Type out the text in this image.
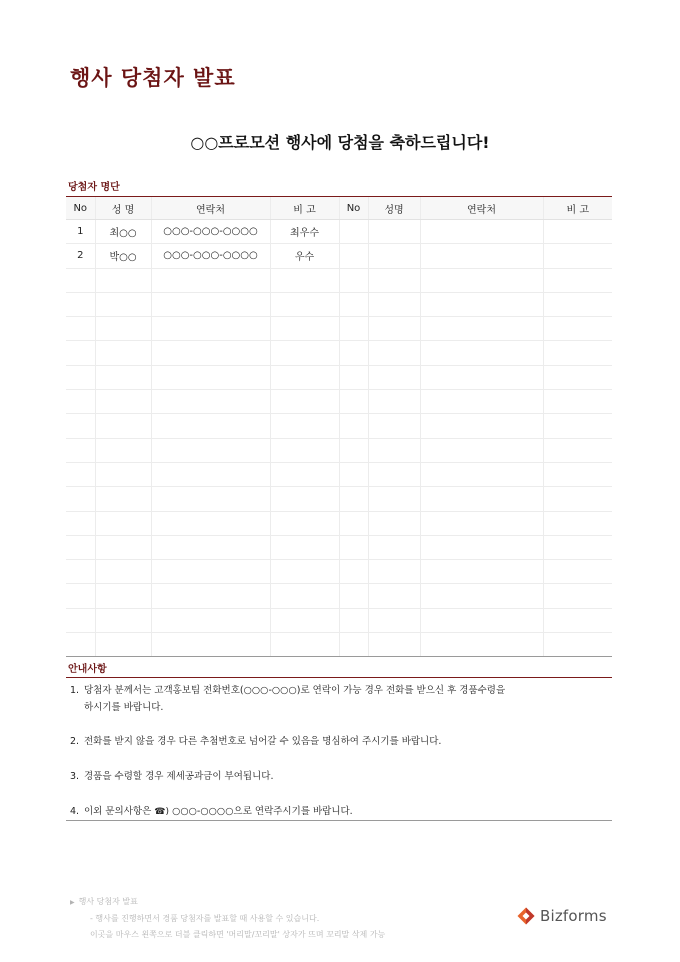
행사 당첨자 발표
○○프로모션 행사에 당첨을 축하드립니다!
당첨자 명단
No	성 명	연락처	비 고	No	성명	연락처	비 고
1	최○○	○○○-○○○-○○○○	최우수				
2	박○○	○○○-○○○-○○○○	우수				

안내사항
1. 당첨자 분께서는 고객홍보팀 전화번호(○○○-○○○)로 연락이 가능 경우 전화를 받으신 후 경품수령을
하시기를 바랍니다.
2. 전화를 받지 않을 경우 다른 추첨번호로 넘어갈 수 있음을 명심하여 주시기를 바랍니다.
3. 경품을 수령할 경우 제세공과금이 부여됩니다.
4. 이외 문의사항은 ☎) ○○○-○○○○으로 연락주시기를 바랍니다.
▶ 행사 당첨자 발표
- 행사를 진행하면서 경품 당첨자를 발표할 때 사용할 수 있습니다.
이곳을 마우스 왼쪽으로 더블 클릭하면 '머리말/꼬리말' 상자가 뜨며 꼬리말 삭제 가능
Bizforms
